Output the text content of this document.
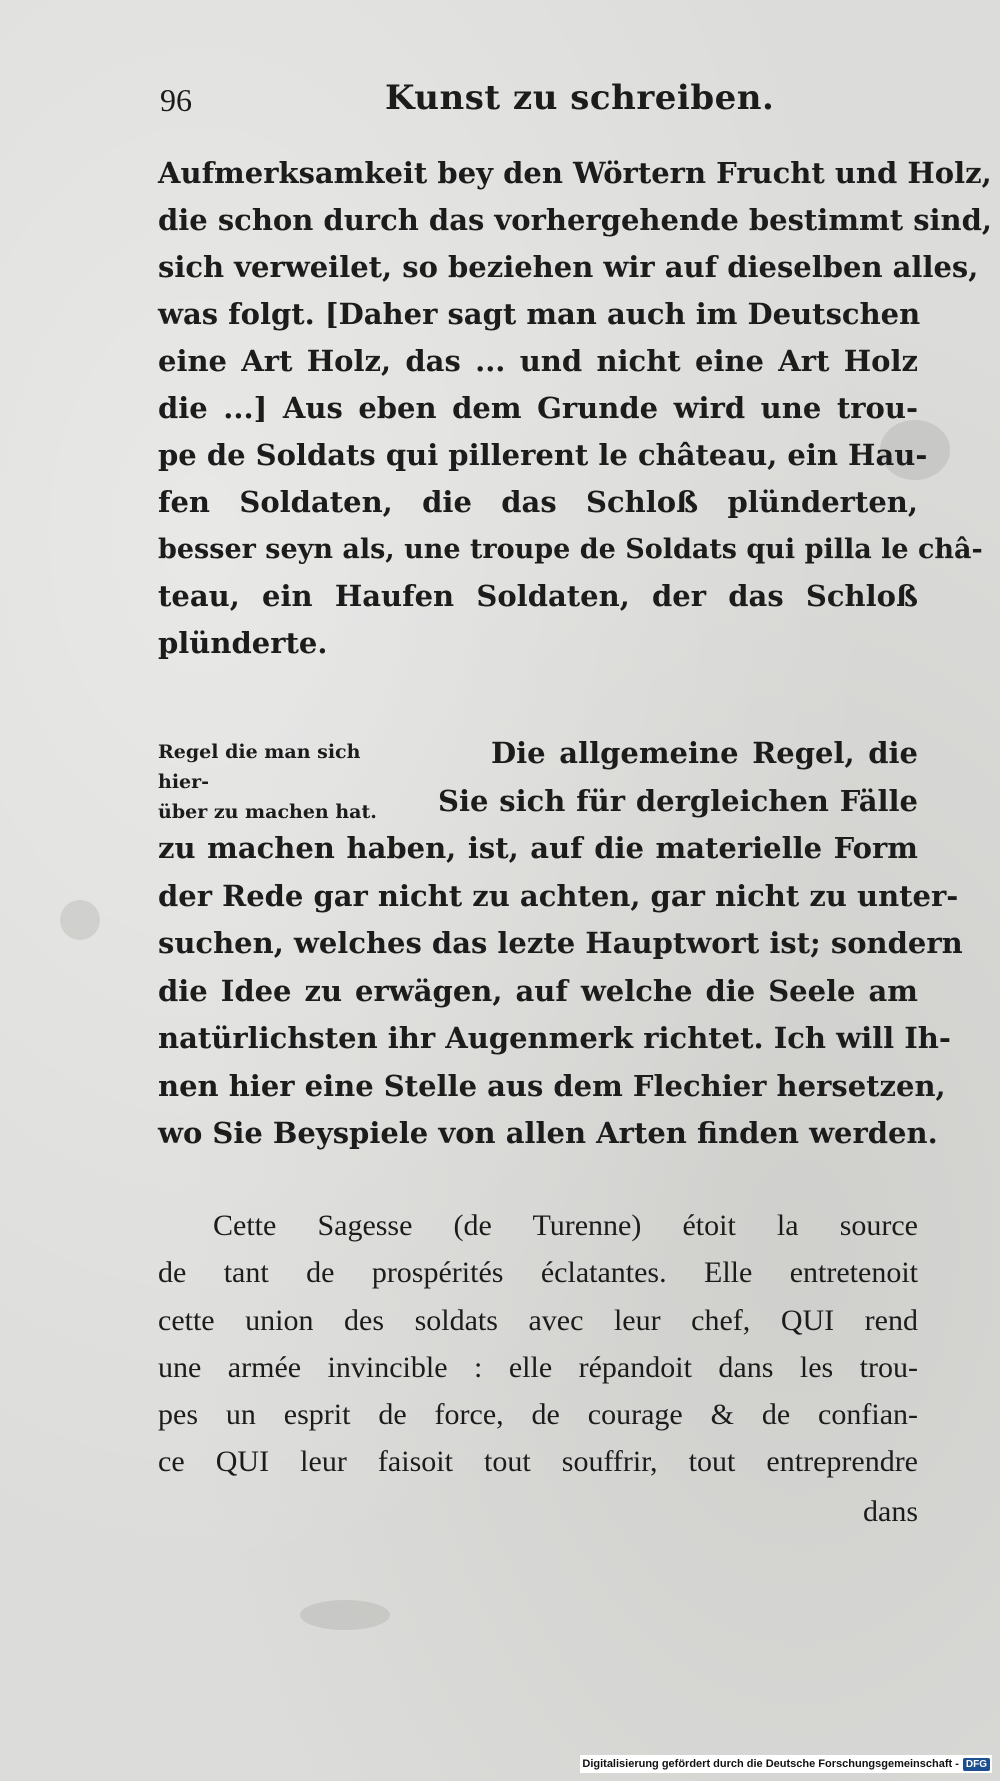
96	Kunst zu schreiben.
Aufmerksamkeit bey den Wörtern Frucht und Holz,
die schon durch das vorhergehende bestimmt sind,
sich verweilet, so beziehen wir auf dieselben alles,
was folgt. [Daher sagt man auch im Deutschen
eine Art Holz, das ... und nicht eine Art Holz
die ...] Aus eben dem Grunde wird une trou-
pe de Soldats qui pillerent le château, ein Hau-
fen Soldaten, die das Schloß plünderten,
besser seyn als, une troupe de Soldats qui pilla le châ-
teau, ein Haufen Soldaten, der das Schloß
plünderte.
Regel die man sich hier-
über zu machen hat.
Die allgemeine Regel, die
Sie sich für dergleichen Fälle
zu machen haben, ist, auf die materielle Form
der Rede gar nicht zu achten, gar nicht zu unter-
suchen, welches das lezte Hauptwort ist; sondern
die Idee zu erwägen, auf welche die Seele am
natürlichsten ihr Augenmerk richtet. Ich will Ih-
nen hier eine Stelle aus dem Flechier hersetzen,
wo Sie Beyspiele von allen Arten finden werden.
Cette Sagesse (de Turenne) étoit la source
de tant de prospérités éclatantes. Elle entretenoit
cette union des soldats avec leur chef, QUI rend
une armée invincible : elle répandoit dans les trou-
pes un esprit de force, de courage & de confian-
ce QUI leur faisoit tout souffrir, tout entreprendre
dans
Digitalisierung gefördert durch die Deutsche Forschungsgemeinschaft - DFG
